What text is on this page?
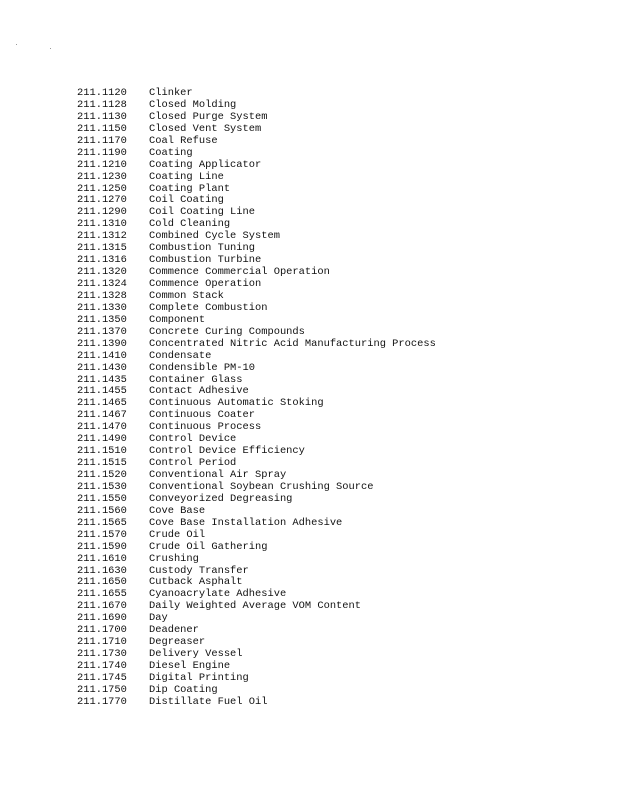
211.1120	Clinker
211.1128	Closed Molding
211.1130	Closed Purge System
211.1150	Closed Vent System
211.1170	Coal Refuse
211.1190	Coating
211.1210	Coating Applicator
211.1230	Coating Line
211.1250	Coating Plant
211.1270	Coil Coating
211.1290	Coil Coating Line
211.1310	Cold Cleaning
211.1312	Combined Cycle System
211.1315	Combustion Tuning
211.1316	Combustion Turbine
211.1320	Commence Commercial Operation
211.1324	Commence Operation
211.1328	Common Stack
211.1330	Complete Combustion
211.1350	Component
211.1370	Concrete Curing Compounds
211.1390	Concentrated Nitric Acid Manufacturing Process
211.1410	Condensate
211.1430	Condensible PM-10
211.1435	Container Glass
211.1455	Contact Adhesive
211.1465	Continuous Automatic Stoking
211.1467	Continuous Coater
211.1470	Continuous Process
211.1490	Control Device
211.1510	Control Device Efficiency
211.1515	Control Period
211.1520	Conventional Air Spray
211.1530	Conventional Soybean Crushing Source
211.1550	Conveyorized Degreasing
211.1560	Cove Base
211.1565	Cove Base Installation Adhesive
211.1570	Crude Oil
211.1590	Crude Oil Gathering
211.1610	Crushing
211.1630	Custody Transfer
211.1650	Cutback Asphalt
211.1655	Cyanoacrylate Adhesive
211.1670	Daily Weighted Average VOM Content
211.1690	Day
211.1700	Deadener
211.1710	Degreaser
211.1730	Delivery Vessel
211.1740	Diesel Engine
211.1745	Digital Printing
211.1750	Dip Coating
211.1770	Distillate Fuel Oil
